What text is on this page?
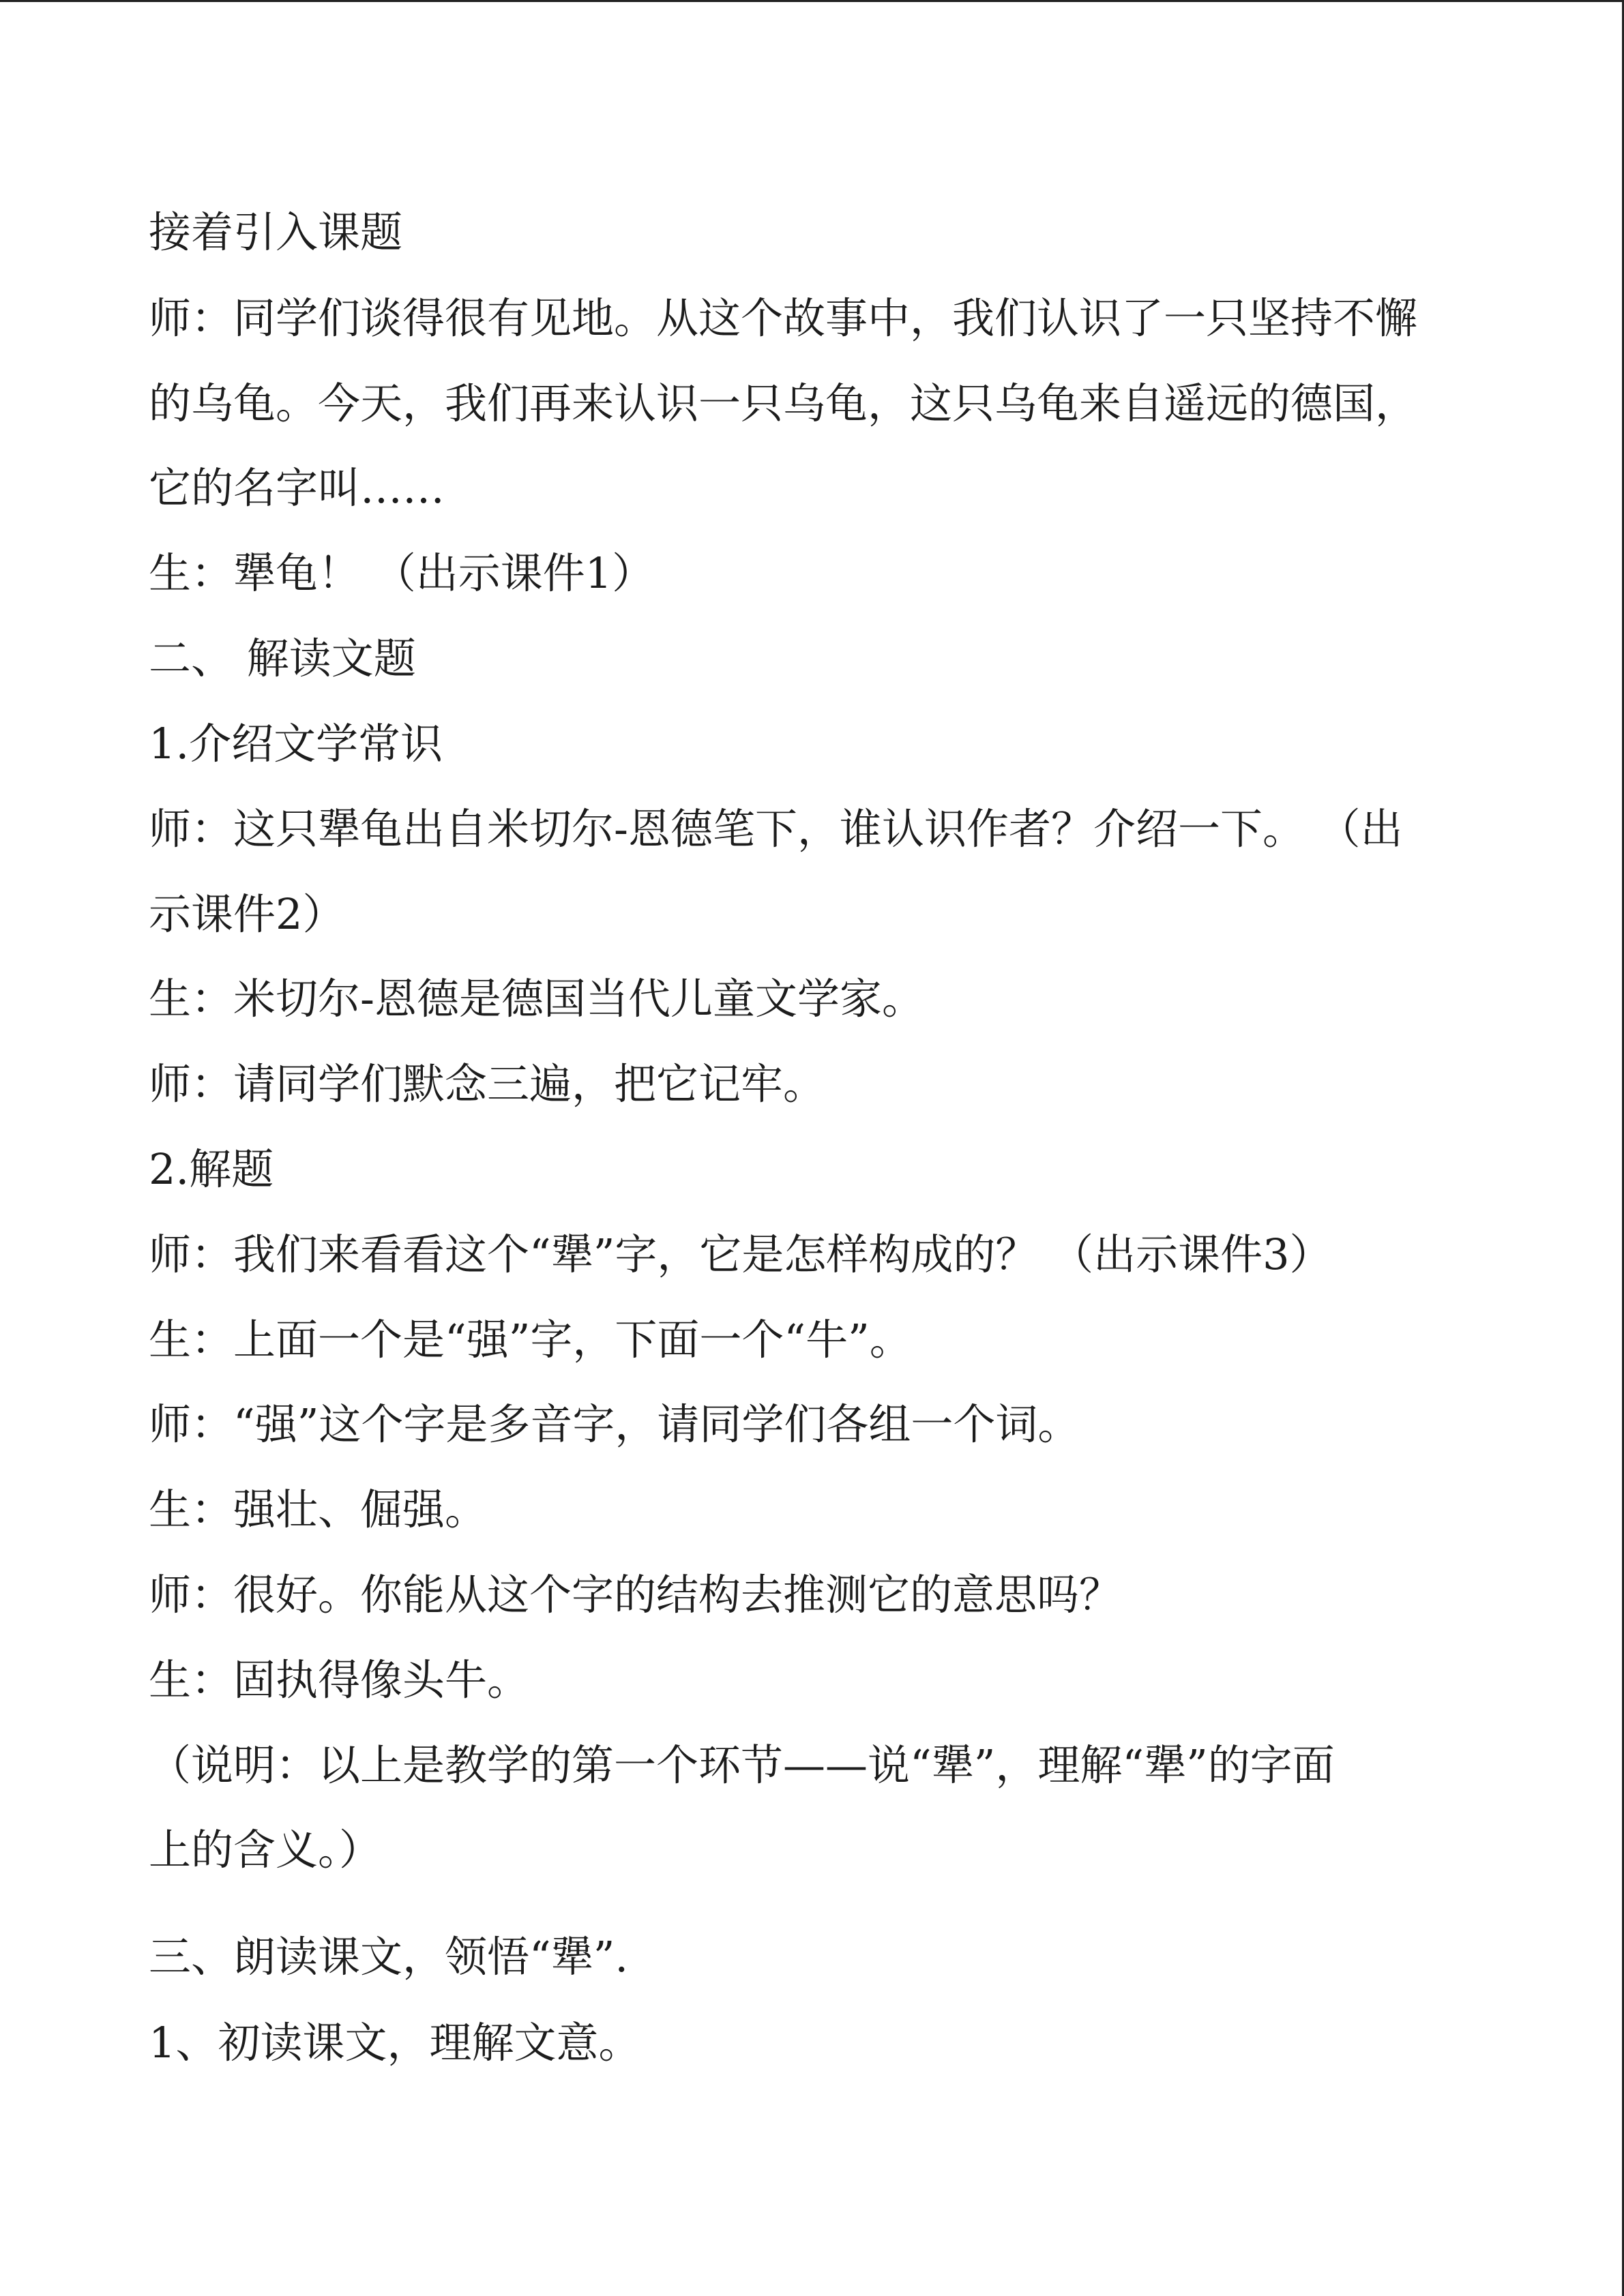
接着引入课题

师：同学们谈得很有见地。从这个故事中，我们认识了一只坚持不懈

的乌龟。今天，我们再来认识一只乌龟，这只乌龟来自遥远的德国，

它的名字叫……

生：犟龟！ （出示课件1）

二、 解读文题

1.介绍文学常识

师：这只犟龟出自米切尔-恩德笔下，谁认识作者？介绍一下。 （出

示课件2）

生：米切尔-恩德是德国当代儿童文学家。

师：请同学们默念三遍，把它记牢。

2.解题

师：我们来看看这个“犟”字，它是怎样构成的？ （出示课件3）

生：上面一个是“强”字，下面一个“牛”。

师：“强”这个字是多音字，请同学们各组一个词。

生：强壮、倔强。

师：很好。你能从这个字的结构去推测它的意思吗？

生：固执得像头牛。

（说明：以上是教学的第一个环节——说“犟”，理解“犟”的字面

上的含义。）

三、朗读课文，领悟“犟”.

1、初读课文，理解文意。
